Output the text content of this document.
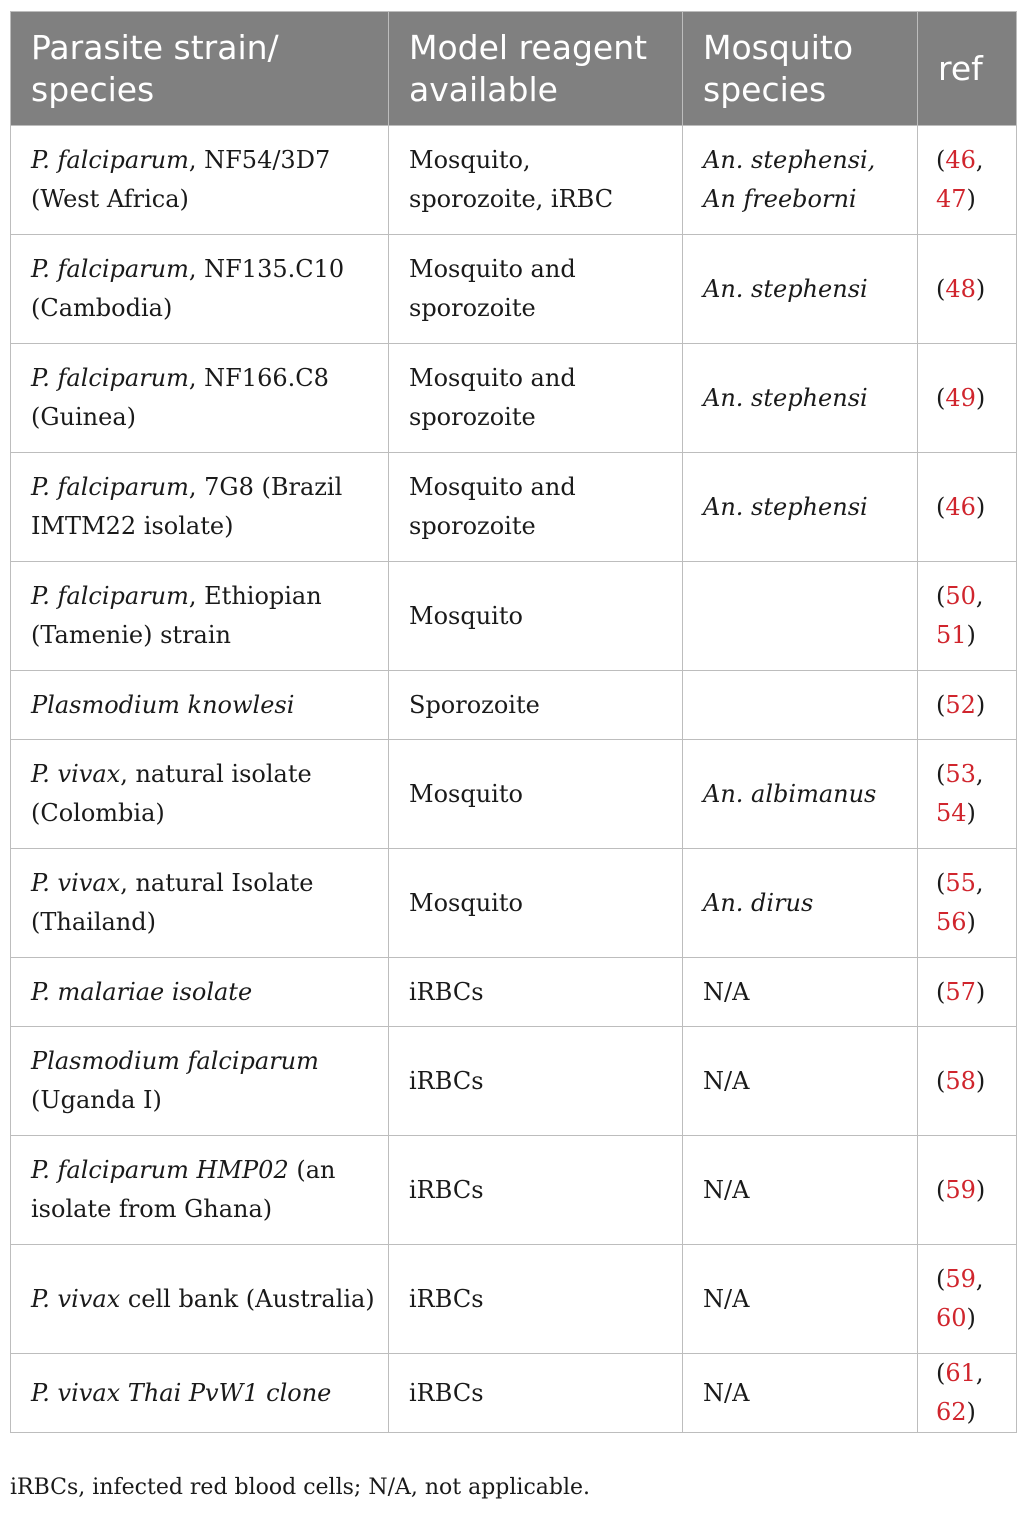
Parasite strain/ species	Model reagent available	Mosquito species	ref
P. falciparum, NF54/3D7 (West Africa)	Mosquito, sporozoite, iRBC	An. stephensi, An freeborni	(46, 47)
P. falciparum, NF135.C10 (Cambodia)	Mosquito and sporozoite	An. stephensi	(48)
P. falciparum, NF166.C8 (Guinea)	Mosquito and sporozoite	An. stephensi	(49)
P. falciparum, 7G8 (Brazil IMTM22 isolate)	Mosquito and sporozoite	An. stephensi	(46)
P. falciparum, Ethiopian (Tamenie) strain	Mosquito		(50, 51)
Plasmodium knowlesi	Sporozoite		(52)
P. vivax, natural isolate (Colombia)	Mosquito	An. albimanus	(53, 54)
P. vivax, natural Isolate (Thailand)	Mosquito	An. dirus	(55, 56)
P. malariae isolate	iRBCs	N/A	(57)
Plasmodium falciparum (Uganda I)	iRBCs	N/A	(58)
P. falciparum HMP02 (an isolate from Ghana)	iRBCs	N/A	(59)
P. vivax cell bank (Australia)	iRBCs	N/A	(59, 60)
P. vivax Thai PvW1 clone	iRBCs	N/A	(61, 62)
iRBCs, infected red blood cells; N/A, not applicable.
